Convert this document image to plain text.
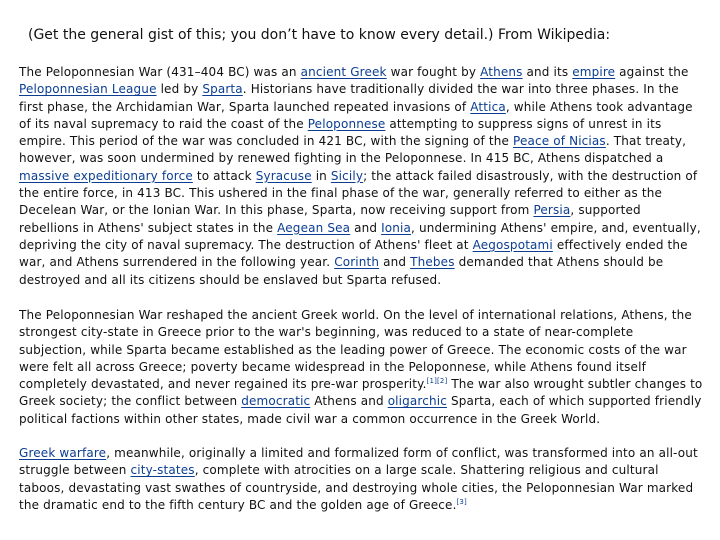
(Get the general gist of this; you don’t have to know every detail.) From Wikipedia:
The Peloponnesian War (431–404 BC) was an ancient Greek war fought by Athens and its empire against the Peloponnesian League led by Sparta. Historians have traditionally divided the war into three phases. In the first phase, the Archidamian War, Sparta launched repeated invasions of Attica, while Athens took advantage of its naval supremacy to raid the coast of the Peloponnese attempting to suppress signs of unrest in its empire. This period of the war was concluded in 421 BC, with the signing of the Peace of Nicias. That treaty, however, was soon undermined by renewed fighting in the Peloponnese. In 415 BC, Athens dispatched a massive expeditionary force to attack Syracuse in Sicily; the attack failed disastrously, with the destruction of the entire force, in 413 BC. This ushered in the final phase of the war, generally referred to either as the Decelean War, or the Ionian War. In this phase, Sparta, now receiving support from Persia, supported rebellions in Athens' subject states in the Aegean Sea and Ionia, undermining Athens' empire, and, eventually, depriving the city of naval supremacy. The destruction of Athens' fleet at Aegospotami effectively ended the war, and Athens surrendered in the following year. Corinth and Thebes demanded that Athens should be destroyed and all its citizens should be enslaved but Sparta refused.
The Peloponnesian War reshaped the ancient Greek world. On the level of international relations, Athens, the strongest city-state in Greece prior to the war's beginning, was reduced to a state of near-complete subjection, while Sparta became established as the leading power of Greece. The economic costs of the war were felt all across Greece; poverty became widespread in the Peloponnese, while Athens found itself completely devastated, and never regained its pre-war prosperity.[1][2] The war also wrought subtler changes to Greek society; the conflict between democratic Athens and oligarchic Sparta, each of which supported friendly political factions within other states, made civil war a common occurrence in the Greek World.
Greek warfare, meanwhile, originally a limited and formalized form of conflict, was transformed into an all-out struggle between city-states, complete with atrocities on a large scale. Shattering religious and cultural taboos, devastating vast swathes of countryside, and destroying whole cities, the Peloponnesian War marked the dramatic end to the fifth century BC and the golden age of Greece.[3]
